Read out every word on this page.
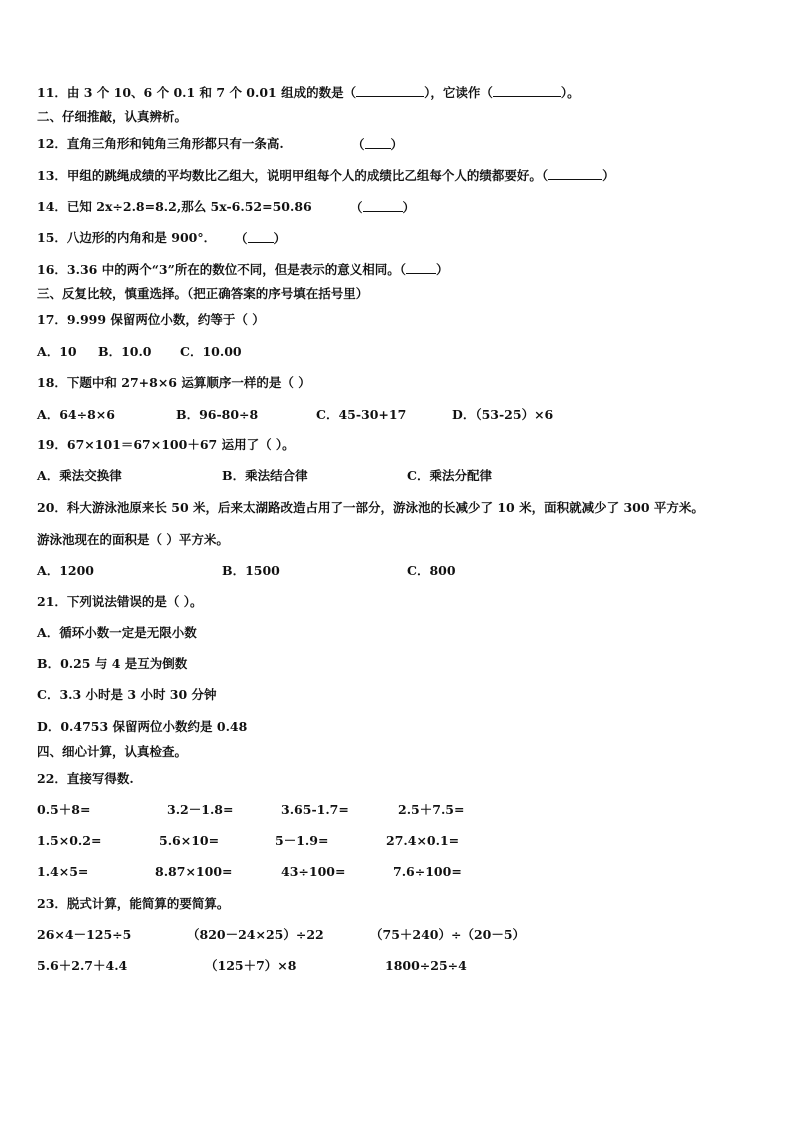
11．由 3 个 10、6 个 0.1 和 7 个 0.01 组成的数是（	），它读作（	）。
二、仔细推敲，认真辨析。
12．直角三角形和钝角三角形都只有一条高.	（ ）
13．甲组的跳绳成绩的平均数比乙组大，说明甲组每个人的成绩比乙组每个人的绩都要好。（	）
14．已知 2x÷2.8=8.2,那么 5x-6.52=50.86	（	）
15．八边形的内角和是 900°． （ ）
16．3.36 中的两个“3”所在的数位不同，但是表示的意义相同。（ ）
三、反复比较，慎重选择。（把正确答案的序号填在括号里）
17．9.999 保留两位小数，约等于（ ）
A．10 B．10.0 C．10.00
18．下题中和 27+8×6 运算顺序一样的是（ ）
A．64÷8×6	B．96-80÷8	C．45-30+17	D．（53-25）×6
19．67×101＝67×100＋67 运用了（ ）。
A．乘法交换律	B．乘法结合律	C．乘法分配律
20．科大游泳池原来长 50 米，后来太湖路改造占用了一部分，游泳池的长减少了 10 米，面积就减少了 300 平方米。
游泳池现在的面积是（ ）平方米。
A．1200	B．1500	C．800
21．下列说法错误的是（ ）。
A．循环小数一定是无限小数
B．0.25 与 4 是互为倒数
C．3.3 小时是 3 小时 30 分钟
D．0.4753 保留两位小数约是 0.48
四、细心计算，认真检查。
22．直接写得数.
0.5＋8=	3.2－1.8=	3.65-1.7=	2.5＋7.5=
1.5×0.2=	5.6×10=	5－1.9=	27.4×0.1=
1.4×5=	8.87×100=	43÷100=	7.6÷100=
23．脱式计算，能简算的要简算。
26×4－125÷5	（820－24×25）÷22	（75＋240）÷（20－5）
5.6＋2.7＋4.4	（125＋7）×8	1800÷25÷4
